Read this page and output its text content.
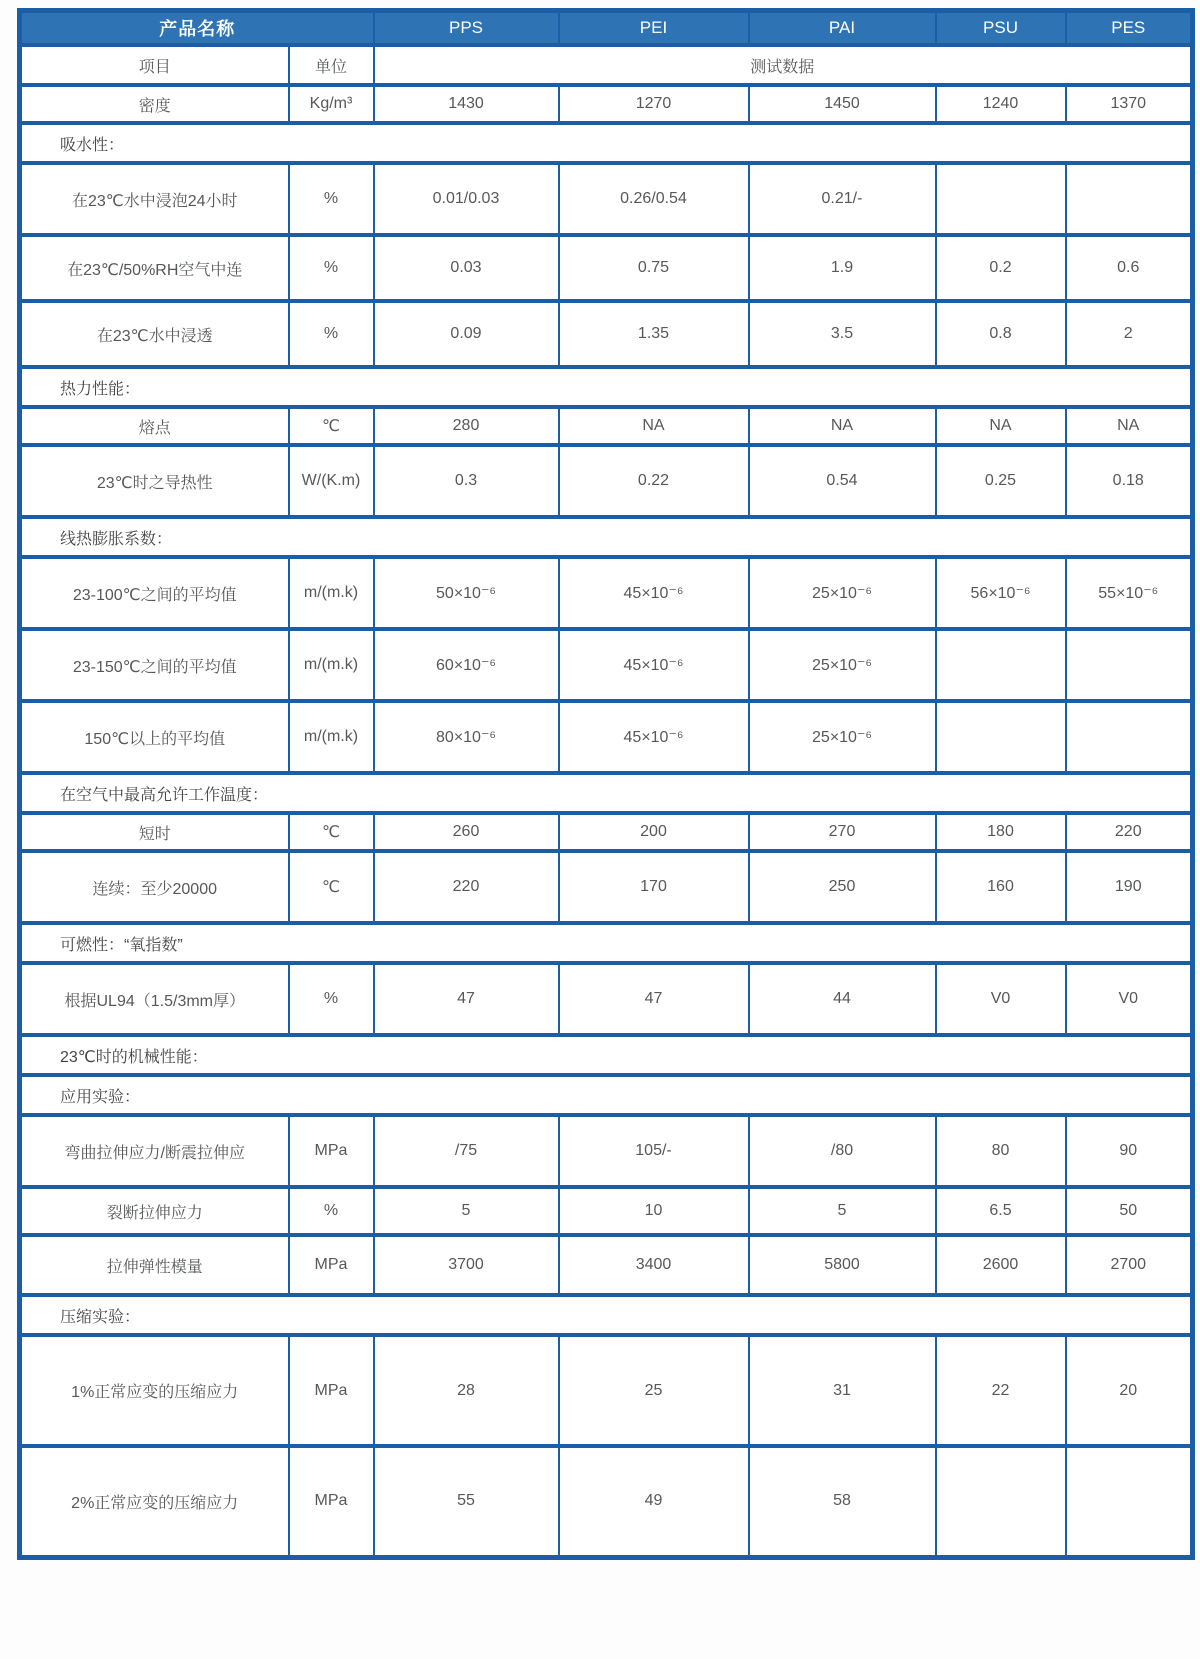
产品名称		PPS	PEI	PAI	PSU	PES
项目	单位	测试数据				
密度	Kg/m³	1430	1270	1450	1240	1370
吸水性：						
在23℃水中浸泡24小时	%	0.01/0.03	0.26/0.54	0.21/-		
在23℃/50%RH空气中连	%	0.03	0.75	1.9	0.2	0.6
在23℃水中浸透	%	0.09	1.35	3.5	0.8	2
热力性能：						
熔点	℃	280	NA	NA	NA	NA
23℃时之导热性	W/(K.m)	0.3	0.22	0.54	0.25	0.18
线热膨胀系数：						
23-100℃之间的平均值	m/(m.k)	50×10⁻⁶	45×10⁻⁶	25×10⁻⁶	56×10⁻⁶	55×10⁻⁶
23-150℃之间的平均值	m/(m.k)	60×10⁻⁶	45×10⁻⁶	25×10⁻⁶		
150℃以上的平均值	m/(m.k)	80×10⁻⁶	45×10⁻⁶	25×10⁻⁶		
在空气中最高允许工作温度：						
短时	℃	260	200	270	180	220
连续：至少20000	℃	220	170	250	160	190
可燃性：“氧指数”						
根据UL94（1.5/3mm厚）	%	47	47	44	V0	V0
23℃时的机械性能：						
应用实验：						
弯曲拉伸应力/断震拉伸应	MPa	/75	105/-	/80	80	90
裂断拉伸应力	%	5	10	5	6.5	50
拉伸弹性模量	MPa	3700	3400	5800	2600	2700
压缩实验：						
1%正常应变的压缩应力	MPa	28	25	31	22	20
2%正常应变的压缩应力	MPa	55	49	58		
